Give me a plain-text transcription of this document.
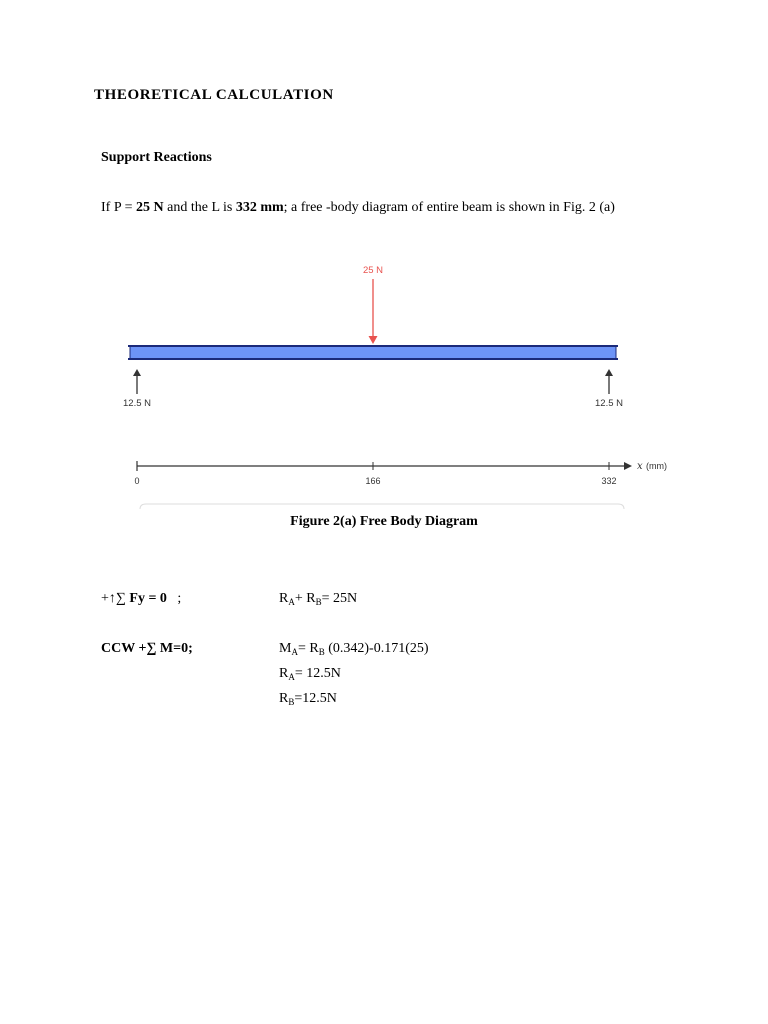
THEORETICAL CALCULATION
Support Reactions
If P = 25 N and the L is 332 mm; a free -body diagram of entire beam is shown in Fig. 2 (a)
25 N
12.5 N	12.5 N
0	166	332
x (mm)
Figure 2(a) Free Body Diagram
+↑∑ Fy = 0   ;	$R_A+ R_B= 25N$
CCW +∑ M=0;	$M_A= R_B$ (0.342)-0.171(25)
$R_A= 12.5N$
$R_B=12.5N$
